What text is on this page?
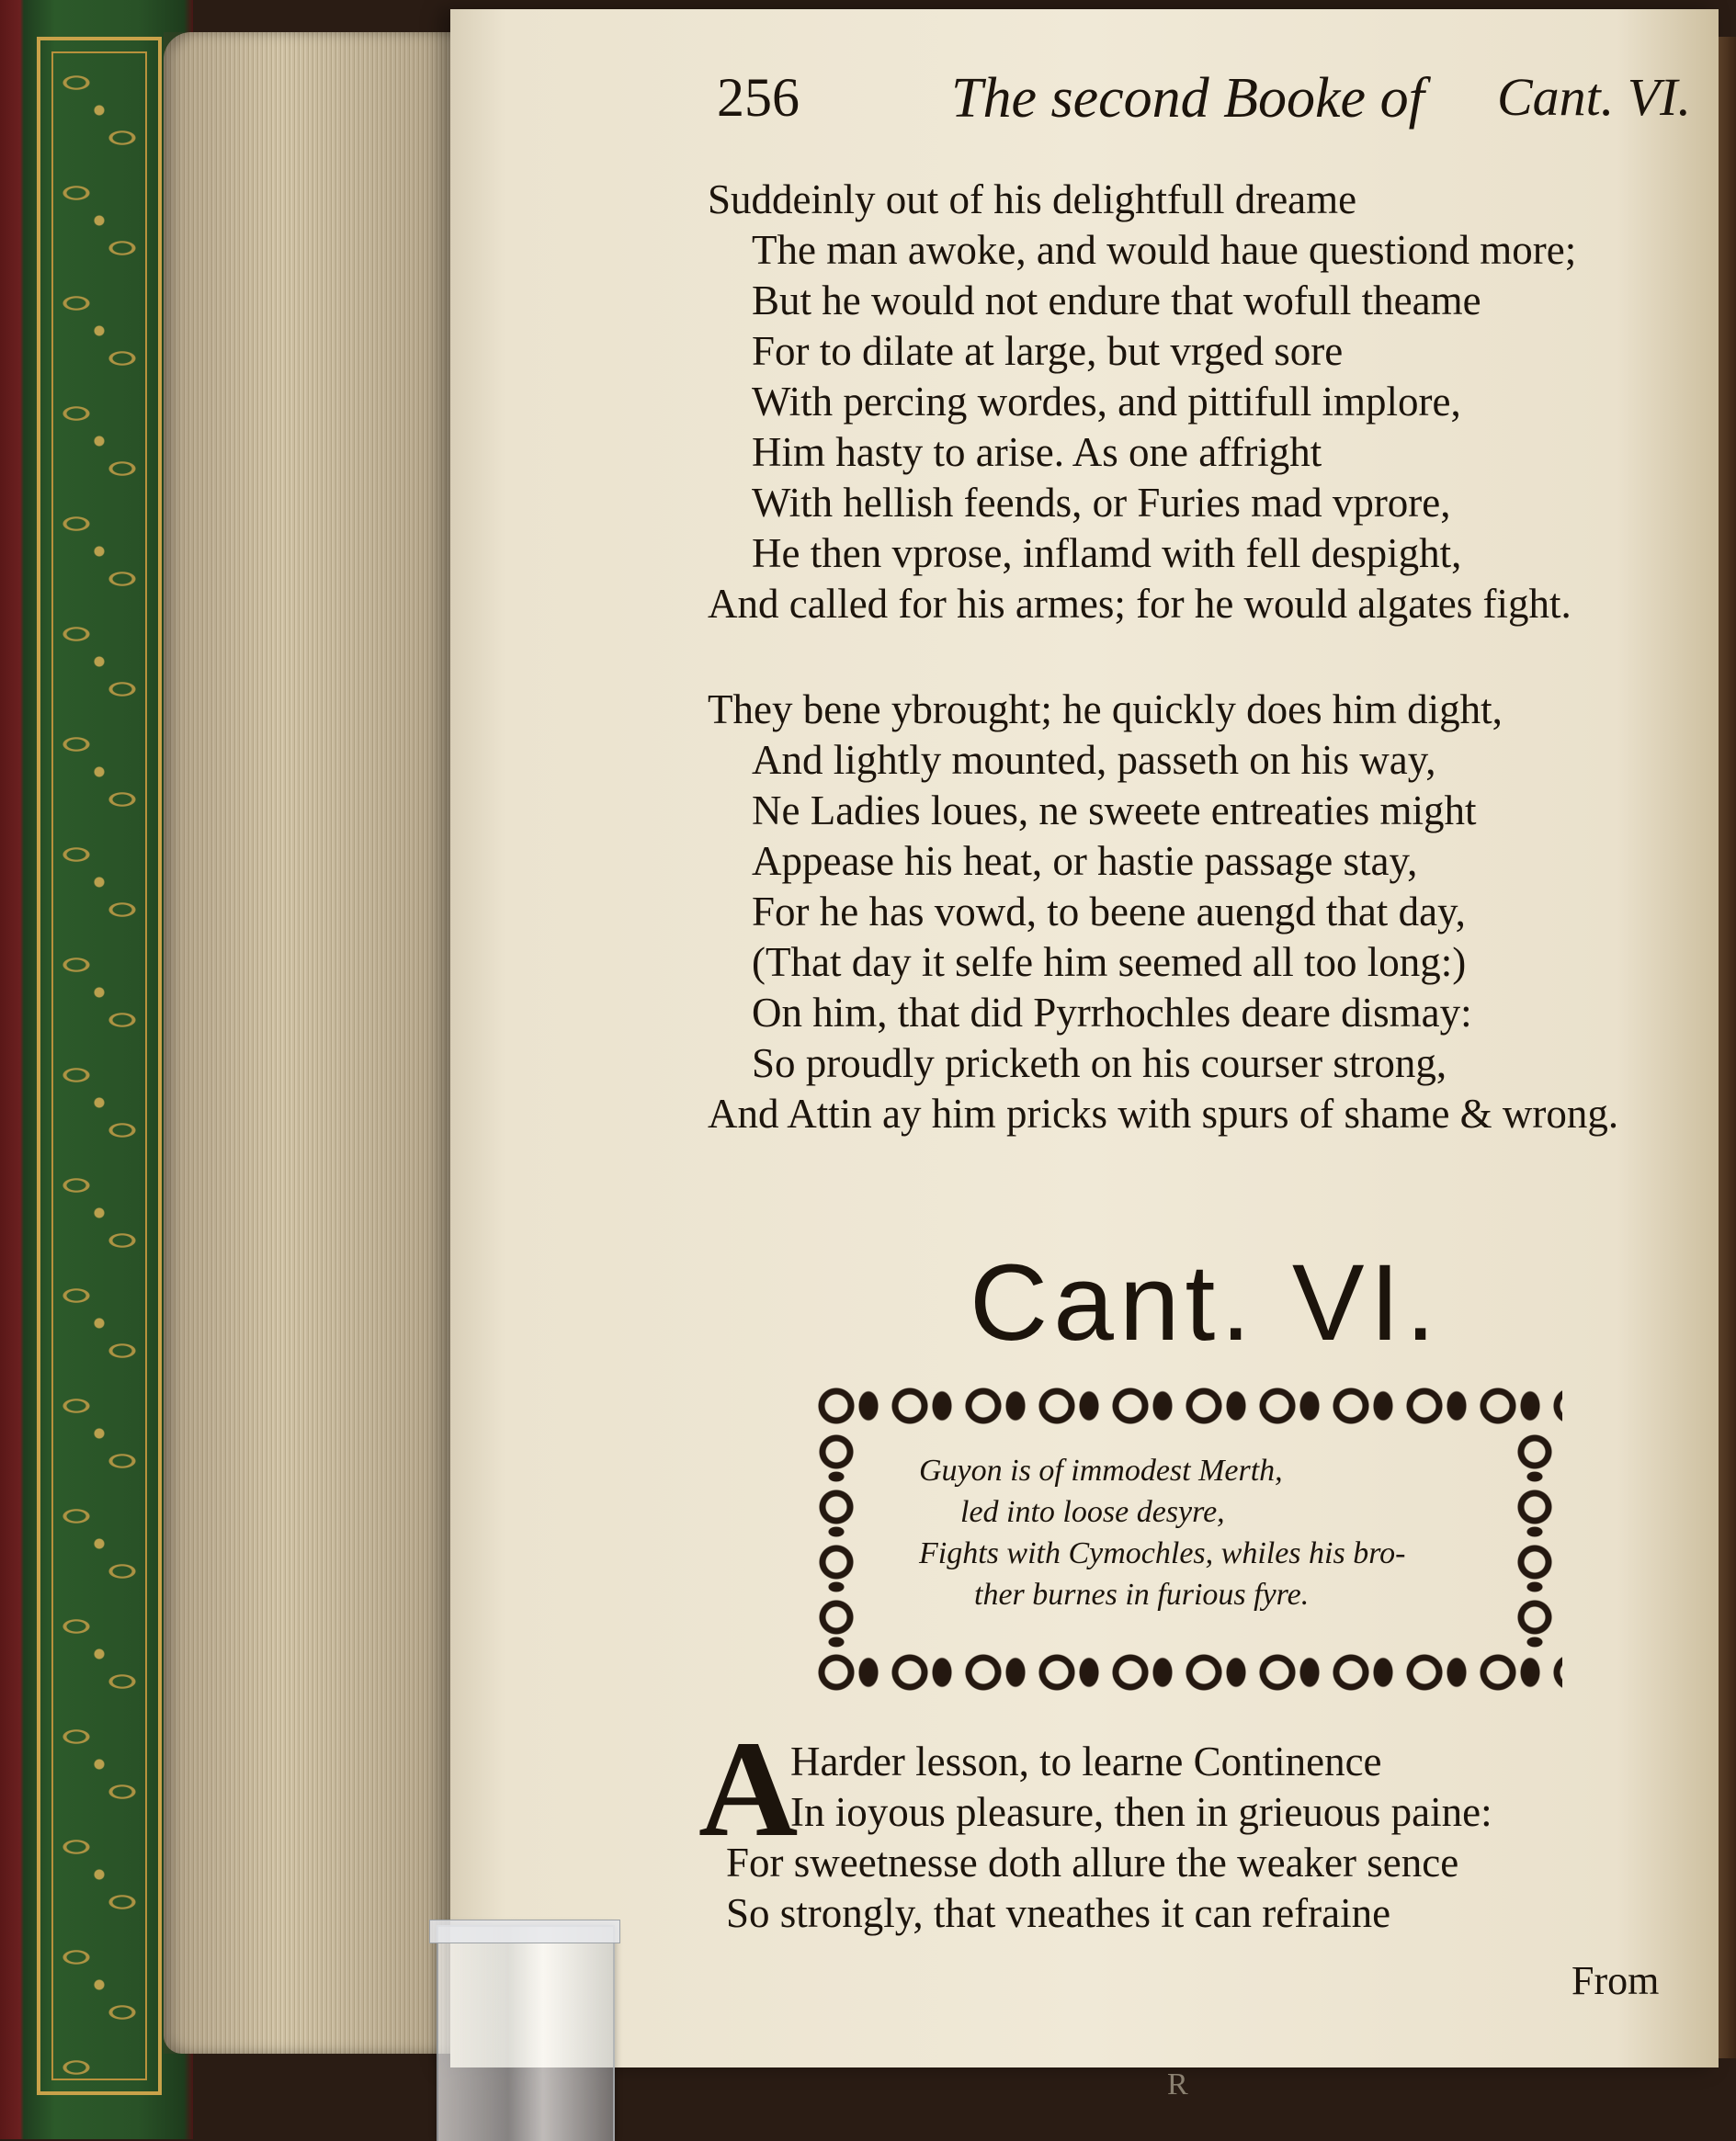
256	The second Booke of Cant. VI.
Suddeinly out of his delightfull dreame
The man awoke, and would haue questiond more;
But he would not endure that wofull theame
For to dilate at large, but vrged sore
With percing wordes, and pittifull implore,
Him hasty to arise. As one affright
With hellish feends, or Furies mad vprore,
He then vprose, inflamd with fell despight,
And called for his armes; for he would algates fight.
They bene ybrought; he quickly does him dight,
And lightly mounted, passeth on his way,
Ne Ladies loues, ne sweete entreaties might
Appease his heat, or hastie passage stay,
For he has vowd, to beene auengd that day,
(That day it selfe him seemed all too long:)
On him, that did Pyrrhochles deare dismay:
So proudly pricketh on his courser strong,
And Attin ay him pricks with spurs of shame & wrong.
Cant. VI.
Guyon is of immodest Merth,
led into loose desyre,
Fights with Cymochles, whiles his bro-
ther burnes in furious fyre.
A
Harder lesson, to learne Continence
In ioyous pleasure, then in grieuous paine:
For sweetnesse doth allure the weaker sence
So strongly, that vneathes it can refraine
From
R
